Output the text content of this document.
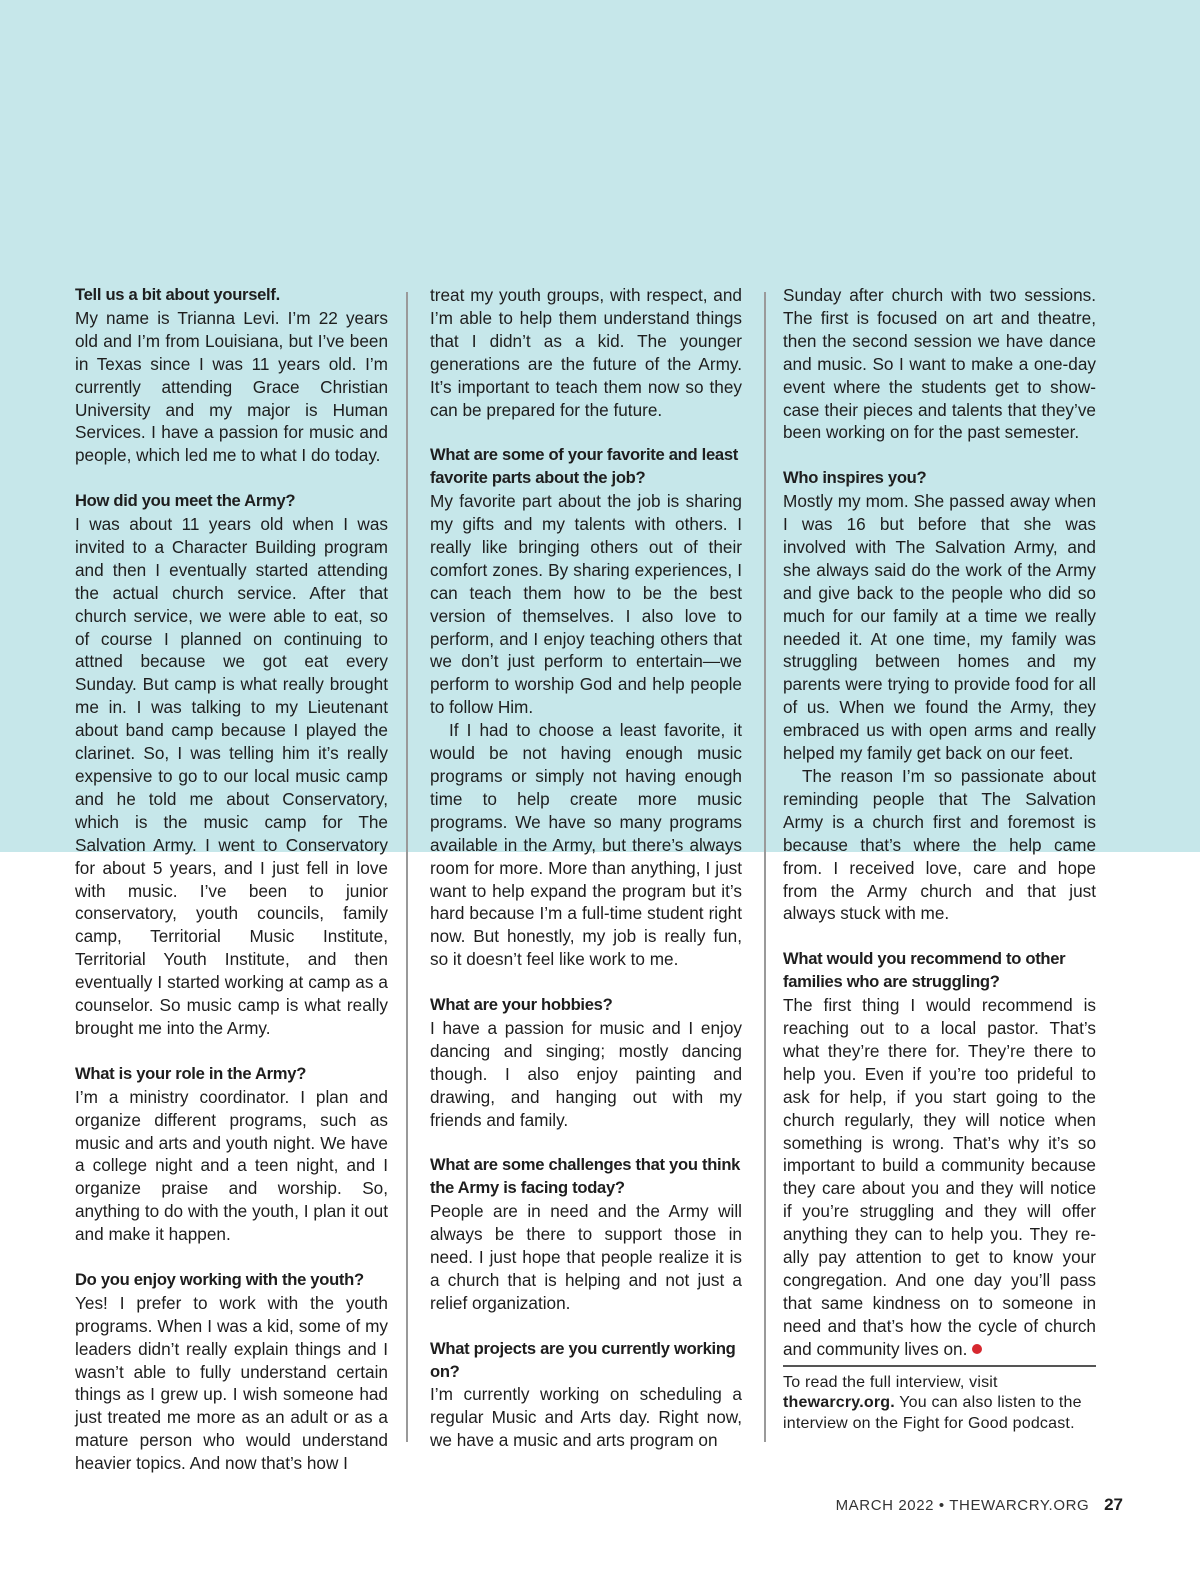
Tell us a bit about yourself.

My name is Trianna Levi. I’m 22 years old and I’m from Louisiana, but I’ve been in Texas since I was 11 years old. I’m currently attending Grace Christian University and my major is Human Services. I have a passion for music and people, which led me to what I do today.

How did you meet the Army?

I was about 11 years old when I was invited to a Character Building program and then I eventually started attending the actual church service. After that church service, we were able to eat, so of course I planned on continuing to attned because we got eat every Sunday. But camp is what really brought me in. I was talking to my Lieutenant about band camp because I played the clarinet. So, I was telling him it’s really expensive to go to our local music camp and he told me about Conservatory, which is the music camp for The Salvation Army. I went to Conservatory for about 5 years, and I just fell in love with music. I’ve been to junior conservatory, youth councils, family camp, Territorial Music Institute, Territorial Youth Institute, and then eventually I started working at camp as a counselor. So music camp is what really brought me into the Army.

What is your role in the Army?

I’m a ministry coordinator. I plan and organize different programs, such as music and arts and youth night. We have a college night and a teen night, and I organize praise and worship. So, anything to do with the youth, I plan it out and make it happen.

Do you enjoy working with the youth?

Yes! I prefer to work with the youth programs. When I was a kid, some of my leaders didn’t really explain things and I wasn’t able to fully understand certain things as I grew up. I wish someone had just treated me more as an adult or as a mature person who would understand heavier topics. And now that’s how I

treat my youth groups, with respect, and I’m able to help them understand things that I didn’t as a kid. The younger generations are the future of the Army. It’s important to teach them now so they can be prepared for the future.

What are some of your favorite and least favorite parts about the job?

My favorite part about the job is sharing my gifts and my talents with others. I really like bringing others out of their comfort zones. By sharing experiences, I can teach them how to be the best version of themselves. I also love to perform, and I enjoy teaching others that we don’t just perform to entertain—we perform to worship God and help people to follow Him.

If I had to choose a least favorite, it would be not having enough music programs or simply not having enough time to help create more music programs. We have so many programs available in the Army, but there’s always room for more. More than anything, I just want to help expand the program but it’s hard because I’m a full-time student right now. But honestly, my job is really fun, so it doesn’t feel like work to me.

What are your hobbies?

I have a passion for music and I enjoy dancing and singing; mostly dancing though. I also enjoy painting and drawing, and hanging out with my friends and family.

What are some challenges that you think the Army is facing today?

People are in need and the Army will always be there to support those in need. I just hope that people realize it is a church that is helping and not just a relief organization.

What projects are you currently working on?

I’m currently working on scheduling a regular Music and Arts day. Right now, we have a music and arts program on

Sunday after church with two sessions. The first is focused on art and theatre, then the second session we have dance and music. So I want to make a one-day event where the students get to show-case their pieces and talents that they’ve been working on for the past semester.

Who inspires you?

Mostly my mom. She passed away when I was 16 but before that she was involved with The Salvation Army, and she always said do the work of the Army and give back to the people who did so much for our family at a time we really needed it. At one time, my family was struggling between homes and my parents were trying to provide food for all of us. When we found the Army, they embraced us with open arms and really helped my family get back on our feet.

The reason I’m so passionate about reminding people that The Salvation Army is a church first and foremost is because that’s where the help came from. I received love, care and hope from the Army church and that just always stuck with me.

What would you recommend to other families who are struggling?

The first thing I would recommend is reaching out to a local pastor. That’s what they’re there for. They’re there to help you. Even if you’re too prideful to ask for help, if you start going to the church regularly, they will notice when something is wrong. That’s why it’s so important to build a community because they care about you and they will notice if you’re struggling and they will offer anything they can to help you. They re-ally pay attention to get to know your congregation. And one day you’ll pass that same kindness on to someone in need and that’s how the cycle of church and community lives on.

To read the full interview, visit thewarcry.org. You can also listen to the interview on the Fight for Good podcast.
MARCH 2022 • THEWARCRY.ORG 27
